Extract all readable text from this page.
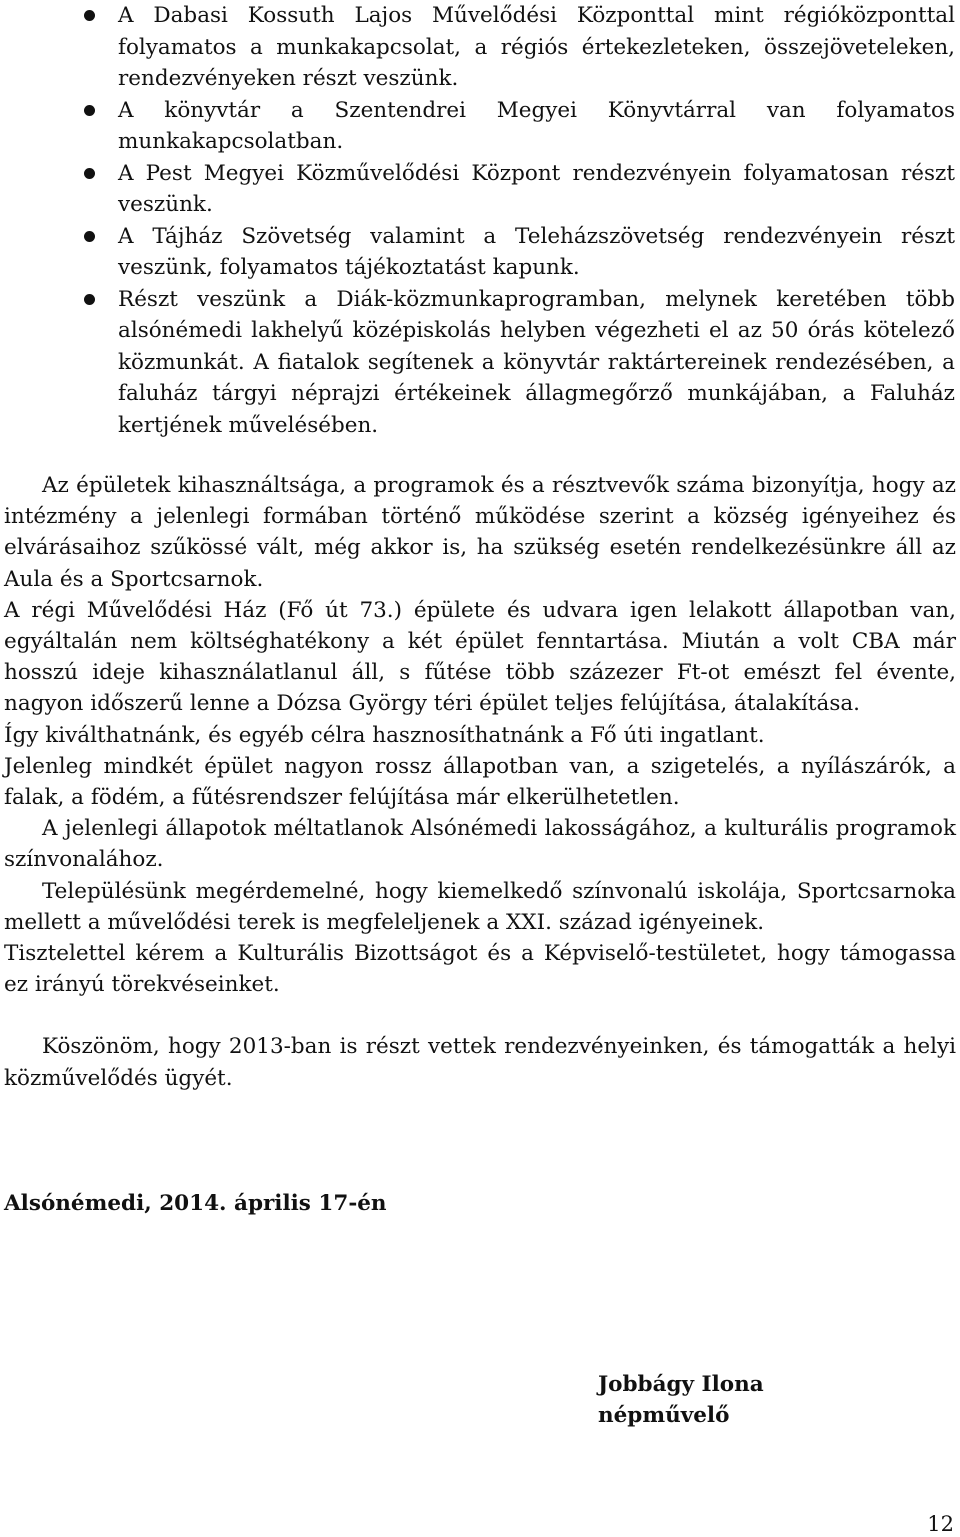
A Dabasi Kossuth Lajos Művelődési Központtal mint régióközponttal folyamatos a munkakapcsolat, a régiós értekezleteken, összejöveteleken, rendezvényeken részt veszünk.
A könyvtár a Szentendrei Megyei Könyvtárral van folyamatos munkakapcsolatban.
A Pest Megyei Közművelődési Központ rendezvényein folyamatosan részt veszünk.
A Tájház Szövetség valamint a Teleházszövetség rendezvényein részt veszünk, folyamatos tájékoztatást kapunk.
Részt veszünk a Diák-közmunkaprogramban, melynek keretében több alsónémedi lakhelyű középiskolás helyben végezheti el az 50 órás kötelező közmunkát. A fiatalok segítenek a könyvtár raktártereinek rendezésében, a faluház tárgyi néprajzi értékeinek állagmegőrző munkájában, a Faluház kertjének művelésében.

Az épületek kihasználtsága, a programok és a résztvevők száma bizonyítja, hogy az intézmény a jelenlegi formában történő működése szerint a község igényeihez és elvárásaihoz szűkössé vált, még akkor is, ha szükség esetén rendelkezésünkre áll az Aula és a Sportcsarnok.

A régi Művelődési Ház (Fő út 73.) épülete és udvara igen lelakott állapotban van, egyáltalán nem költséghatékony a két épület fenntartása. Miután a volt CBA már hosszú ideje kihasználatlanul áll, s fűtése több százezer Ft-ot emészt fel évente, nagyon időszerű lenne a Dózsa György téri épület teljes felújítása, átalakítása.

Így kiválthatnánk, és egyéb célra hasznosíthatnánk a Fő úti ingatlant.

Jelenleg mindkét épület nagyon rossz állapotban van, a szigetelés, a nyílászárók, a falak, a födém, a fűtésrendszer felújítása már elkerülhetetlen.

A jelenlegi állapotok méltatlanok Alsónémedi lakosságához, a kulturális programok színvonalához.

Településünk megérdemelné, hogy kiemelkedő színvonalú iskolája, Sportcsarnoka mellett a művelődési terek is megfeleljenek a XXI. század igényeinek.

Tisztelettel kérem a Kulturális Bizottságot és a Képviselő-testületet, hogy támogassa ez irányú törekvéseinket.

Köszönöm, hogy 2013-ban is részt vettek rendezvényeinken, és támogatták a helyi közművelődés ügyét.

Alsónémedi, 2014. április 17-én
Jobbágy Ilona
népművelő
12
